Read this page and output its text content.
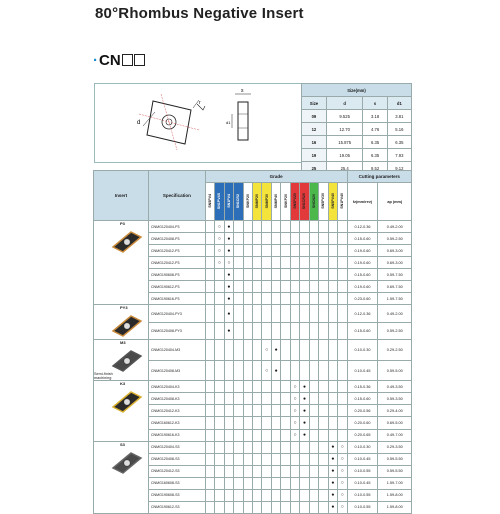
80°Rhombus Negative Insert
·CN
d
r
s
d1
Size(mm)			
Size	d	s	d1
09	9.525	3.18	3.81
12	12.70	4.76	5.16
16	15.875	6.35	6.35
19	19.05	6.35	7.93
25	25.4	9.52	9.12
Insert	Specification	Grade															Cutting parameters	
		SN5PV4	SN1PV4S	SN1PV4	SN1CR2	SNKP20	SNMP20	SNMP30	SNMP40	SNKP20	SN5PV20	SN1CR20	SNCN20	SN5PV30	SN5PV40	SN1PV40	fz(mm/rev)	ap (mm)

P3	CNMG120404-P3		○	●													0.12-0.36	0.49-2.00
	CNMG120408-P3		○	●													0.15-0.60	0.59-2.50
	CNMG120412-P3		○	●													0.19-0.60	0.69-3.00
	CNMG120412-P3		○	○													0.19-0.60	0.69-3.00
	CNMG190608-P3			●													0.15-0.60	0.59-7.50
	CNMG190612-P3			●													0.19-0.60	0.69-7.50
	CNMG190616-P3			●													0.23-0.60	1.59-7.50

PY3	CNMG120404-PY3			●													0.12-0.36	0.49-2.00
	CNMG120408-PY3			●													0.15-0.60	0.59-2.50

M3
Semi-finish machining	CNMG120404-M3							○	●								0.10-0.30	0.29-2.50
	CNMG120408-M3							○	●								0.10-0.45	0.59-5.00

K3	CNMG120404-K3										○	●					0.15-0.36	0.49-3.50
	CNMG120408-K3										○	●					0.15-0.60	0.59-3.50
	CNMG120412-K3										○	●					0.20-0.56	0.29-4.00
	CNMG160612-K3										○	●					0.20-0.60	0.69-5.00
	CNMG190616-K3										○	●					0.20-0.65	0.49-7.00

S3	CNMG120404-S3														●	○	0.10-0.30	0.29-3.50
	CNMG120408-S3														●	○	0.10-0.45	0.59-5.50
	CNMG120412-S3														●	○	0.10-0.55	0.59-5.50
	CNMG160608-S3														●	○	0.10-0.45	1.59-7.00
	CNMG190608-S3														●	○	0.10-0.55	1.59-8.00
	CNMG190612-S3														●	○	0.10-0.55	1.59-8.00
